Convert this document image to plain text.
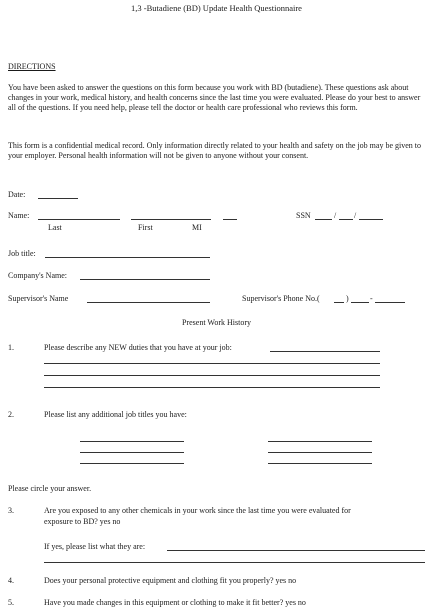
1,3 -Butadiene (BD) Update Health Questionnaire
DIRECTIONS
You have been asked to answer the questions on this form because you work with BD (butadiene). These questions ask about changes in your work, medical history, and health concerns since the last time you were evaluated. Please do your best to answer all of the questions. If you need help, please tell the doctor or health care professional who reviews this form.
This form is a confidential medical record. Only information directly related to your health and safety on the job may be given to your employer. Personal health information will not be given to anyone without your consent.
Date:
Name:	SSN	/ /
Last	First	MI
Job title:
Company's Name:
Supervisor's Name	Supervisor's Phone No.(	)	-
Present Work History
1.	Please describe any NEW duties that you have at your job:
2.	Please list any additional job titles you have:
Please circle your answer.
3.	Are you exposed to any other chemicals in your work since the last time you were evaluated for
exposure to BD? yes no
If yes, please list what they are:
4.	Does your personal protective equipment and clothing fit you properly? yes no
5.	Have you made changes in this equipment or clothing to make it fit better? yes no
